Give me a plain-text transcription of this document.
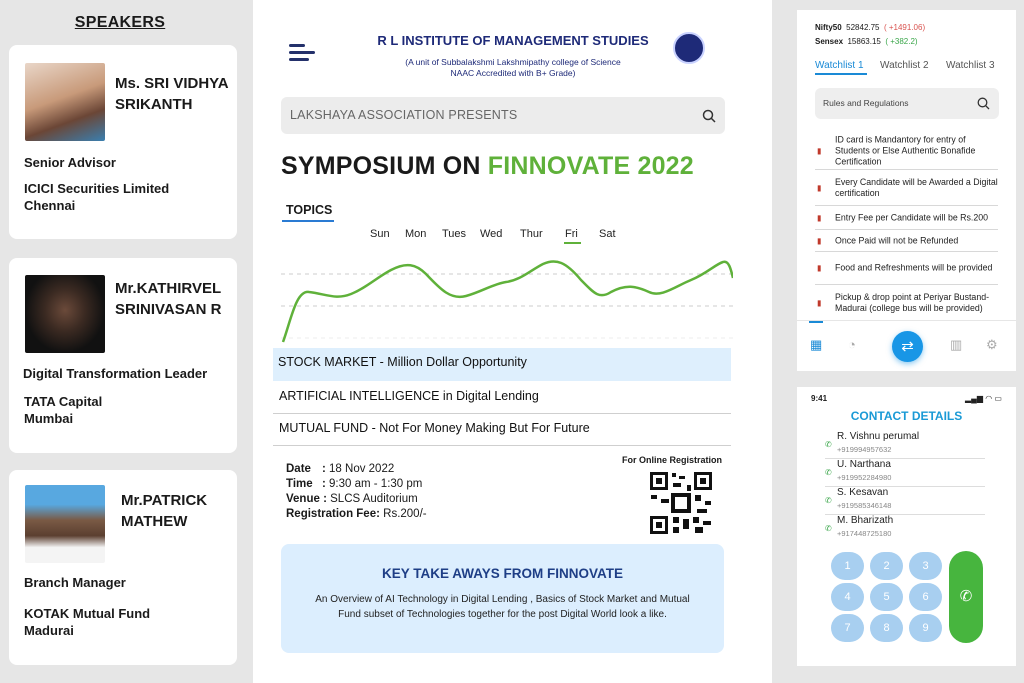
SPEAKERS
Ms. SRI VIDHYA
SRIKANTH
Senior Advisor
ICICI Securities Limited
Chennai
Mr.KATHIRVEL
SRINIVASAN R
Digital Transformation Leader
TATA Capital
Mumbai
Mr.PATRICK
MATHEW
Branch Manager
KOTAK Mutual Fund
Madurai
R L INSTITUTE OF MANAGEMENT STUDIES
(A unit of Subbalakshmi Lakshmipathy college of Science
NAAC Accredited with B+ Grade)
LAKSHAYA ASSOCIATION PRESENTS
SYMPOSIUM ON FINNOVATE 2022
TOPICS
Sun Mon Tues Wed Thur Fri Sat
STOCK MARKET - Million Dollar Opportunity
ARTIFICIAL INTELLIGENCE in Digital Lending
MUTUAL FUND - Not For Money Making But For Future
Date : 18 Nov 2022
Time : 9:30 am - 1:30 pm
Venue : SLCS Auditorium
Registration Fee: Rs.200/-
For Online Registration
KEY TAKE AWAYS FROM FINNOVATE
An Overview of AI Technology in Digital Lending , Basics of Stock Market and Mutual Fund subset of Technologies together for the post Digital World look a like.
Nifty50 52842.75 ( +1491.06)
Sensex 15863.15 ( +382.2)
Watchlist 1 Watchlist 2 Watchlist 3
Rules and Regulations
▮
ID card is Mandantory for entry of Students or Else Authentic Bonafide Certification
▮
Every Candidate will be Awarded a Digital certification
▮ Entry Fee per Candidate will be Rs.200
▮ Once Paid will not be Refunded
▮ Food and Refreshments will be provided
▮
Pickup & drop point at Periyar Bustand-Madurai (college bus will be provided)
▦ ◔	⇄	▥ ⚙
9:41	▂▄▆ ◠ ▭
CONTACT DETAILS
✆
R. Vishnu perumal
+919994957632
✆
U. Narthana
+919952284980
✆
S. Kesavan
+919585346148
✆
M. Bharizath
+917448725180
1	2	3
4	5	6
7	8	9
✆
